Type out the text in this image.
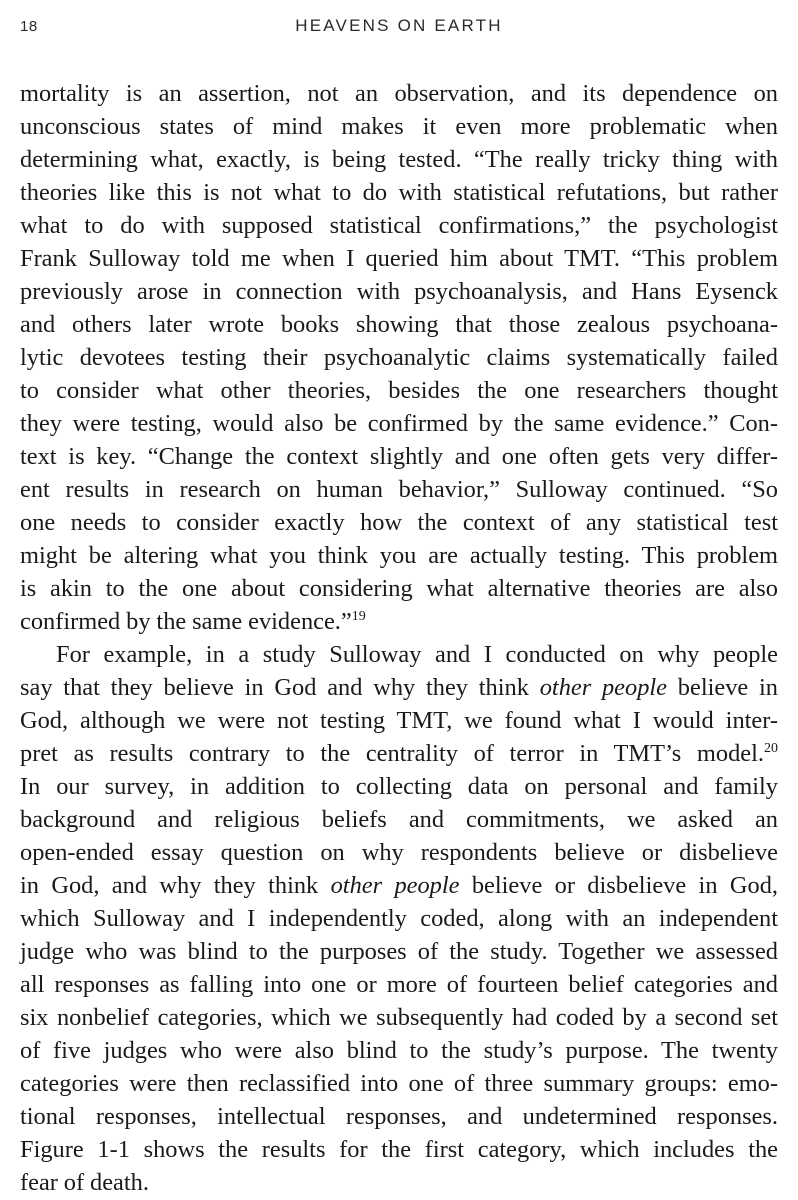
18	HEAVENS ON EARTH
mortality is an assertion, not an observation, and its dependence on
unconscious states of mind makes it even more problematic when
determining what, exactly, is being tested. “The really tricky thing with
theories like this is not what to do with statistical refutations, but rather
what to do with supposed statistical confirmations,” the psychologist
Frank Sulloway told me when I queried him about TMT. “This problem
previously arose in connection with psychoanalysis, and Hans Eysenck
and others later wrote books showing that those zealous psychoana-
lytic devotees testing their psychoanalytic claims systematically failed
to consider what other theories, besides the one researchers thought
they were testing, would also be confirmed by the same evidence.” Con-
text is key. “Change the context slightly and one often gets very differ-
ent results in research on human behavior,” Sulloway continued. “So
one needs to consider exactly how the context of any statistical test
might be altering what you think you are actually testing. This problem
is akin to the one about considering what alternative theories are also
confirmed by the same evidence.”$^{19}$
For example, in a study Sulloway and I conducted on why people
say that they believe in God and why they think other people believe in
God, although we were not testing TMT, we found what I would inter-
pret as results contrary to the centrality of terror in TMT’s model.$^{20}$
In our survey, in addition to collecting data on personal and family
background and religious beliefs and commitments, we asked an
open-ended essay question on why respondents believe or disbelieve
in God, and why they think other people believe or disbelieve in God,
which Sulloway and I independently coded, along with an independent
judge who was blind to the purposes of the study. Together we assessed
all responses as falling into one or more of fourteen belief categories and
six nonbelief categories, which we subsequently had coded by a second set
of five judges who were also blind to the study’s purpose. The twenty
categories were then reclassified into one of three summary groups: emo-
tional responses, intellectual responses, and undetermined responses.
Figure 1-1 shows the results for the first category, which includes the
fear of death.
